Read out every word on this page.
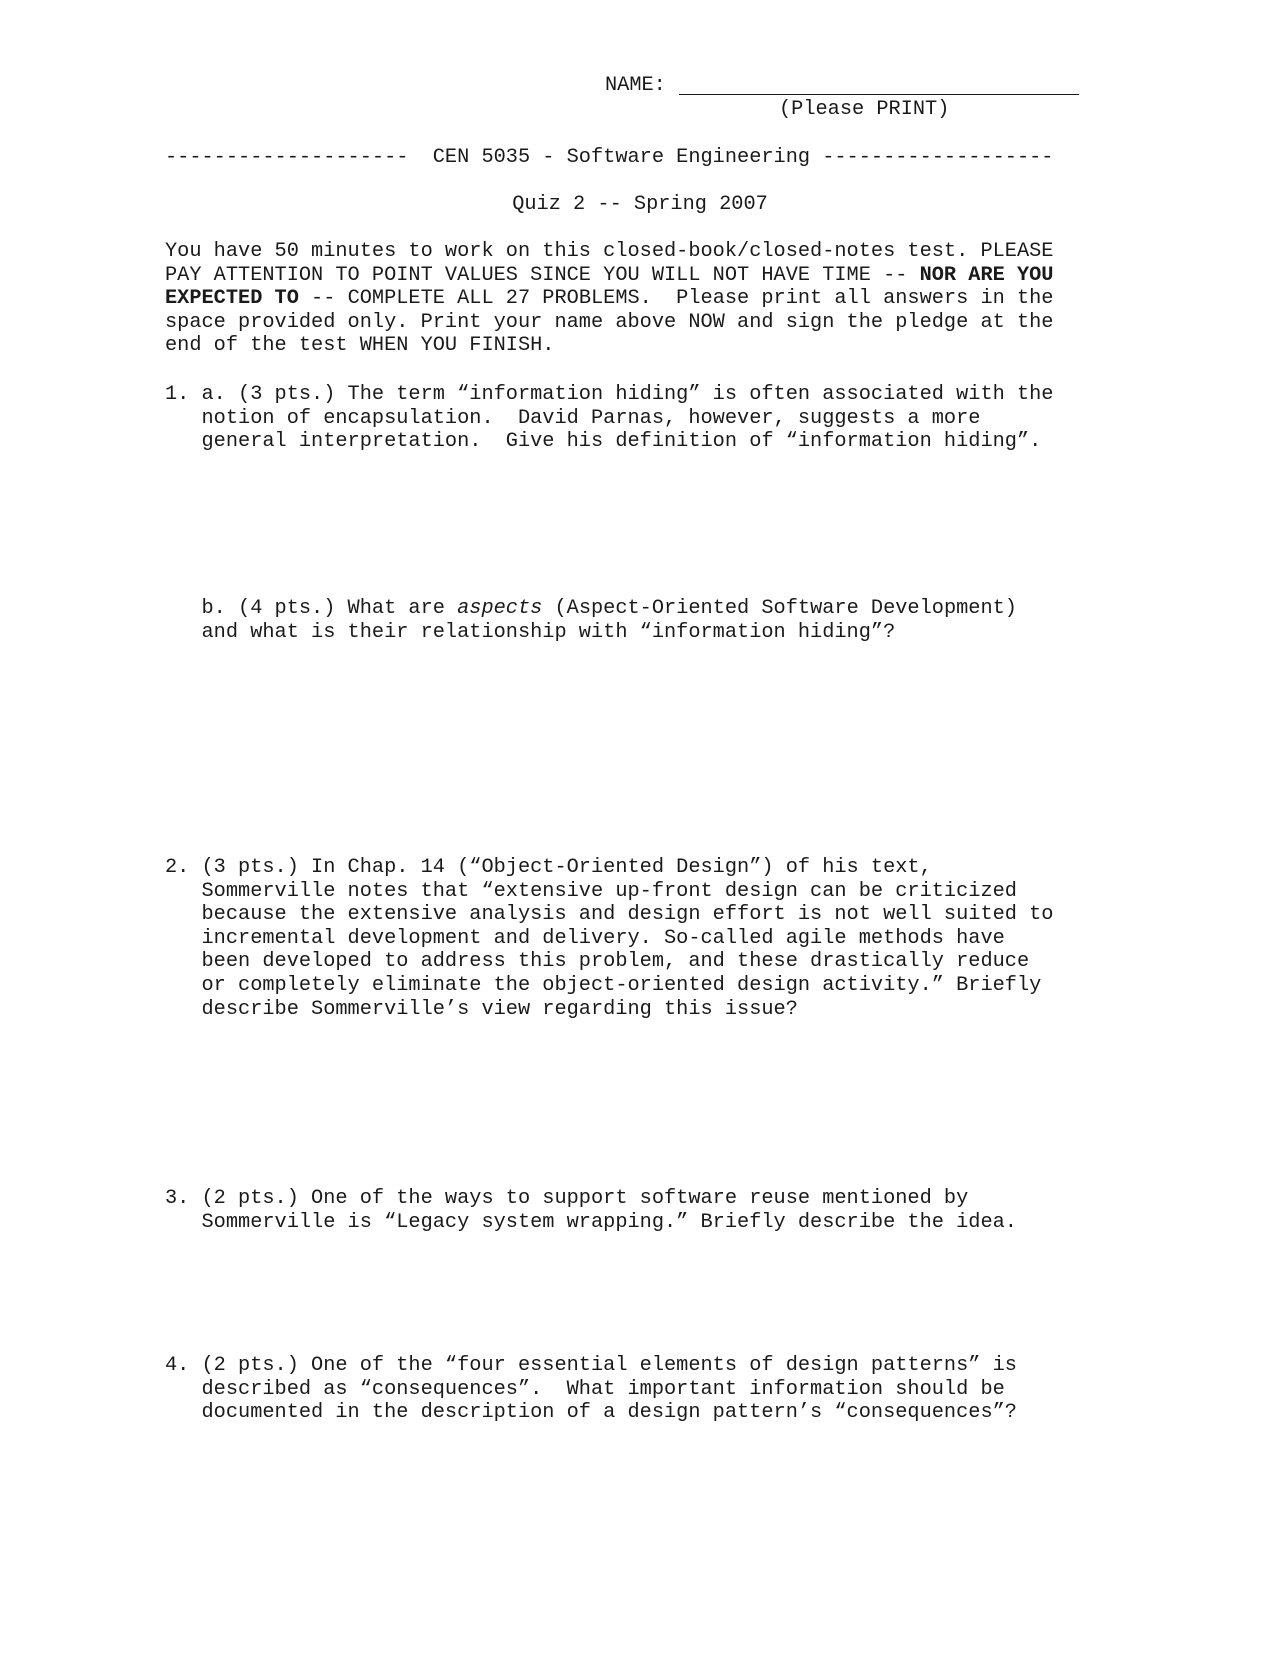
NAME:
(Please PRINT)
--------------------  CEN 5035 - Software Engineering -------------------
Quiz 2 -- Spring 2007
You have 50 minutes to work on this closed-book/closed-notes test. PLEASE
PAY ATTENTION TO POINT VALUES SINCE YOU WILL NOT HAVE TIME -- NOR ARE YOU
EXPECTED TO -- COMPLETE ALL 27 PROBLEMS.  Please print all answers in the
space provided only. Print your name above NOW and sign the pledge at the
end of the test WHEN YOU FINISH.
1. a. (3 pts.) The term “information hiding” is often associated with the
notion of encapsulation.  David Parnas, however, suggests a more
general interpretation.  Give his definition of “information hiding”.
b. (4 pts.) What are aspects (Aspect-Oriented Software Development)
and what is their relationship with “information hiding”?
2. (3 pts.) In Chap. 14 (“Object-Oriented Design”) of his text,
Sommerville notes that “extensive up-front design can be criticized
because the extensive analysis and design effort is not well suited to
incremental development and delivery. So-called agile methods have
been developed to address this problem, and these drastically reduce
or completely eliminate the object-oriented design activity.” Briefly
describe Sommerville’s view regarding this issue?
3. (2 pts.) One of the ways to support software reuse mentioned by
Sommerville is “Legacy system wrapping.” Briefly describe the idea.
4. (2 pts.) One of the “four essential elements of design patterns” is
described as “consequences”.  What important information should be
documented in the description of a design pattern’s “consequences”?
